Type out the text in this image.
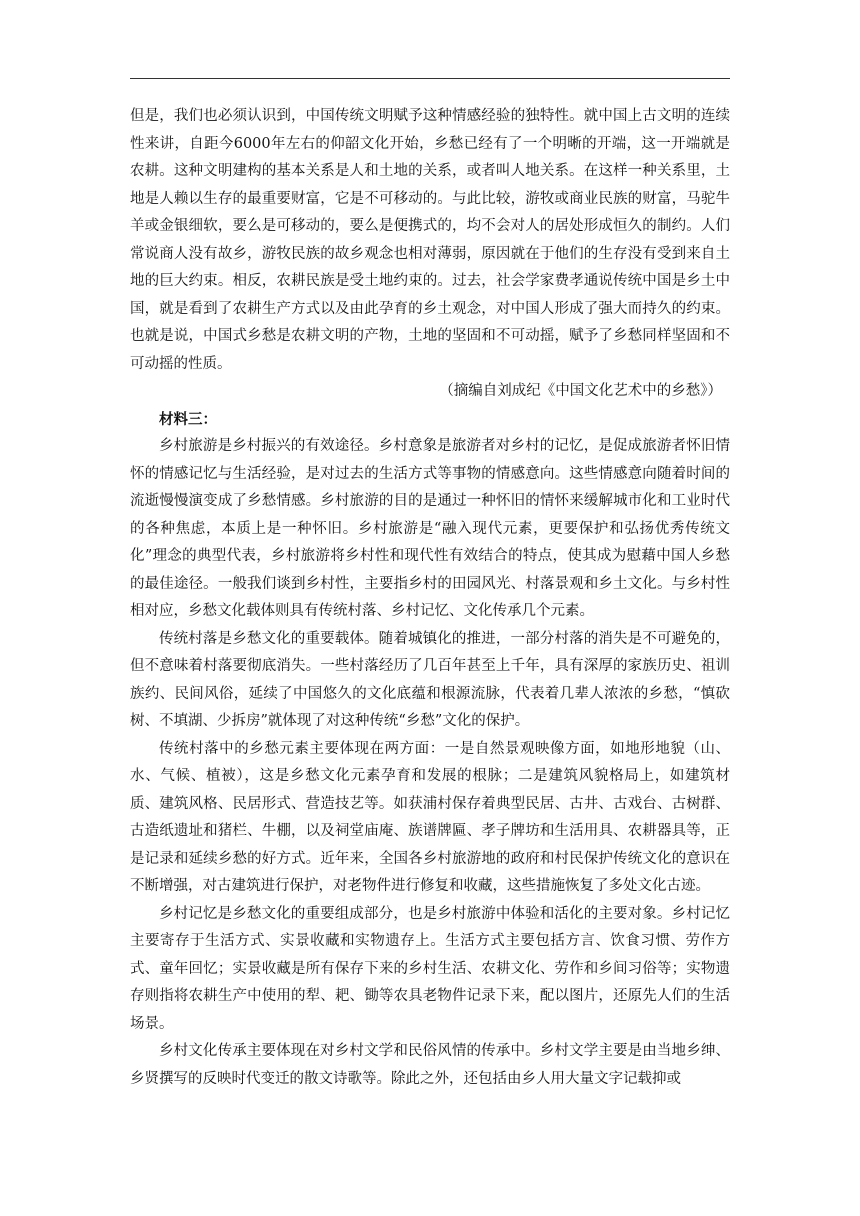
但是，我们也必须认识到，中国传统文明赋予这种情感经验的独特性。就中国上古文明的连续性来讲，自距今6000年左右的仰韶文化开始，乡愁已经有了一个明晰的开端，这一开端就是农耕。这种文明建构的基本关系是人和土地的关系，或者叫人地关系。在这样一种关系里，土地是人赖以生存的最重要财富，它是不可移动的。与此比较，游牧或商业民族的财富，马驼牛羊或金银细软，要么是可移动的，要么是便携式的，均不会对人的居处形成恒久的制约。人们常说商人没有故乡，游牧民族的故乡观念也相对薄弱，原因就在于他们的生存没有受到来自土地的巨大约束。相反，农耕民族是受土地约束的。过去，社会学家费孝通说传统中国是乡土中国，就是看到了农耕生产方式以及由此孕育的乡土观念，对中国人形成了强大而持久的约束。也就是说，中国式乡愁是农耕文明的产物，土地的坚固和不可动摇，赋予了乡愁同样坚固和不可动摇的性质。

（摘编自刘成纪《中国文化艺术中的乡愁》）

材料三：

乡村旅游是乡村振兴的有效途径。乡村意象是旅游者对乡村的记忆，是促成旅游者怀旧情怀的情感记忆与生活经验，是对过去的生活方式等事物的情感意向。这些情感意向随着时间的流逝慢慢演变成了乡愁情感。乡村旅游的目的是通过一种怀旧的情怀来缓解城市化和工业时代的各种焦虑，本质上是一种怀旧。乡村旅游是“融入现代元素，更要保护和弘扬优秀传统文化”理念的典型代表，乡村旅游将乡村性和现代性有效结合的特点，使其成为慰藉中国人乡愁的最佳途径。一般我们谈到乡村性，主要指乡村的田园风光、村落景观和乡土文化。与乡村性相对应，乡愁文化载体则具有传统村落、乡村记忆、文化传承几个元素。

传统村落是乡愁文化的重要载体。随着城镇化的推进，一部分村落的消失是不可避免的，但不意味着村落要彻底消失。一些村落经历了几百年甚至上千年，具有深厚的家族历史、祖训族约、民间风俗，延续了中国悠久的文化底蕴和根源流脉，代表着几辈人浓浓的乡愁，“慎砍树、不填湖、少拆房”就体现了对这种传统“乡愁”文化的保护。

传统村落中的乡愁元素主要体现在两方面：一是自然景观映像方面，如地形地貌（山、水、气候、植被），这是乡愁文化元素孕育和发展的根脉；二是建筑风貌格局上，如建筑材质、建筑风格、民居形式、营造技艺等。如获浦村保存着典型民居、古井、古戏台、古树群、古造纸遗址和猪栏、牛棚，以及祠堂庙庵、族谱牌匾、孝子牌坊和生活用具、农耕器具等，正是记录和延续乡愁的好方式。近年来，全国各乡村旅游地的政府和村民保护传统文化的意识在不断增强，对古建筑进行保护，对老物件进行修复和收藏，这些措施恢复了多处文化古迹。

乡村记忆是乡愁文化的重要组成部分，也是乡村旅游中体验和活化的主要对象。乡村记忆主要寄存于生活方式、实景收藏和实物遗存上。生活方式主要包括方言、饮食习惯、劳作方式、童年回忆；实景收藏是所有保存下来的乡村生活、农耕文化、劳作和乡间习俗等；实物遗存则指将农耕生产中使用的犁、耙、锄等农具老物件记录下来，配以图片，还原先人们的生活场景。

乡村文化传承主要体现在对乡村文学和民俗风情的传承中。乡村文学主要是由当地乡绅、乡贤撰写的反映时代变迁的散文诗歌等。除此之外，还包括由乡人用大量文字记载抑或
